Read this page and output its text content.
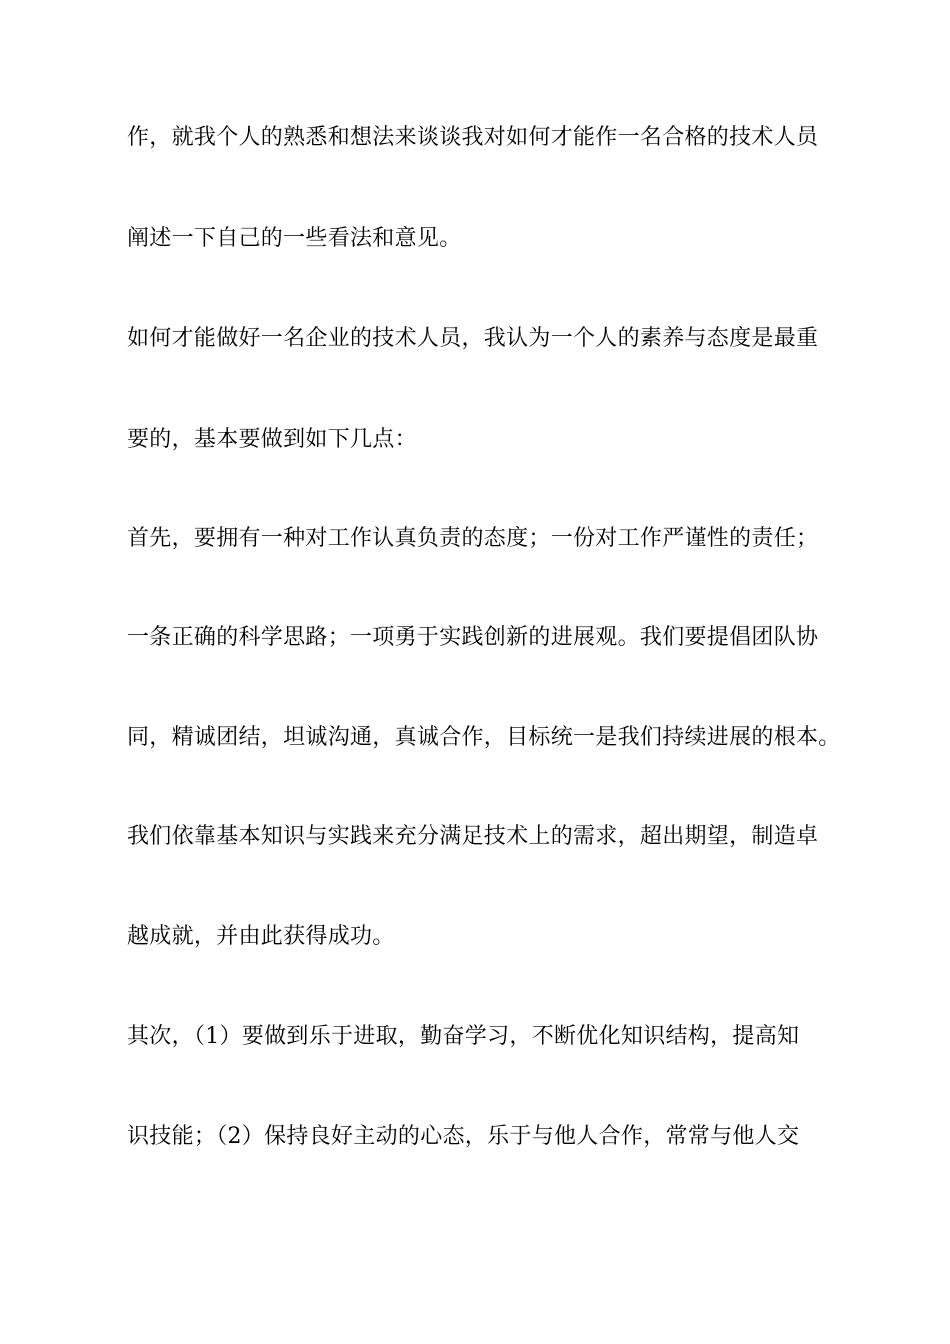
作，就我个人的熟悉和想法来谈谈我对如何才能作一名合格的技术人员
阐述一下自己的一些看法和意见。
如何才能做好一名企业的技术人员，我认为一个人的素养与态度是最重
要的，基本要做到如下几点：
首先，要拥有一种对工作认真负责的态度；一份对工作严谨性的责任；
一条正确的科学思路；一项勇于实践创新的进展观。我们要提倡团队协
同，精诚团结，坦诚沟通，真诚合作，目标统一是我们持续进展的根本。
我们依靠基本知识与实践来充分满足技术上的需求，超出期望，制造卓
越成就，并由此获得成功。
其次，（1）要做到乐于进取，勤奋学习，不断优化知识结构，提高知
识技能；（2）保持良好主动的心态，乐于与他人合作，常常与他人交
